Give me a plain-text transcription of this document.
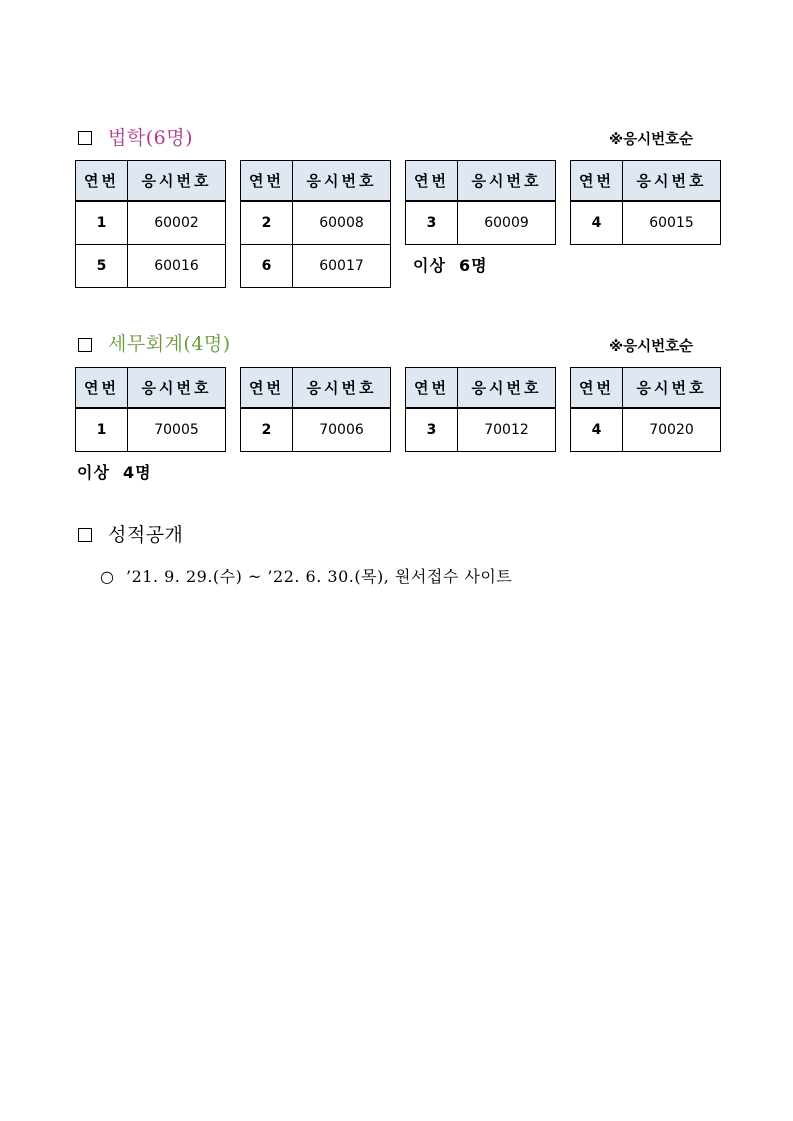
법학(6명)	※응시번호순
연번	응시번호
1	60002
5	60016
연번	응시번호
2	60008
6	60017
연번	응시번호
3	60009
연번	응시번호
4	60015
이상  6명
세무회계(4명)	※응시번호순
연번	응시번호
1	70005
연번	응시번호
2	70006
연번	응시번호
3	70012
연번	응시번호
4	70020
이상  4명
성적공개
○ ’21. 9. 29.(수) ~ ’22. 6. 30.(목), 원서접수 사이트
